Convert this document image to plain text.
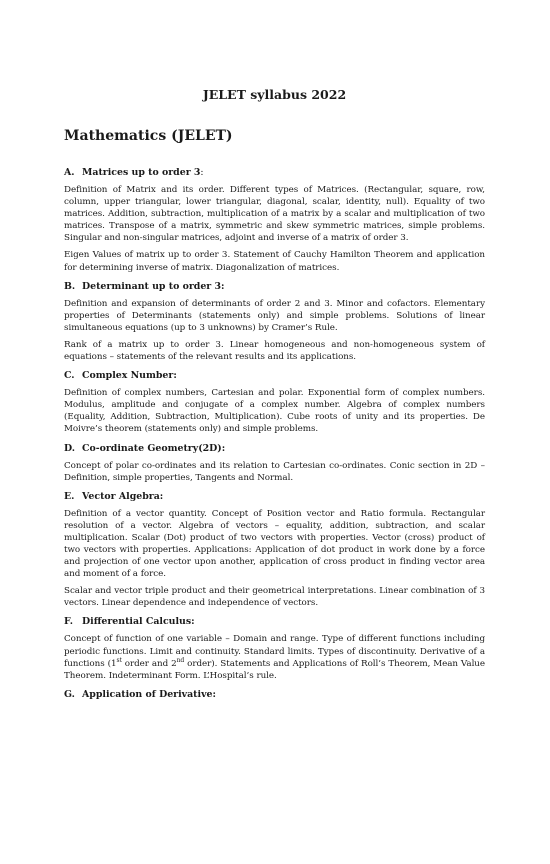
JELET syllabus 2022
Mathematics (JELET)
A. Matrices up to order 3:

Definition of Matrix and its order. Different types of Matrices. (Rectangular, square, row, column, upper triangular, lower triangular, diagonal, scalar, identity, null). Equality of two matrices. Addition, subtraction, multiplication of a matrix by a scalar and multiplication of two matrices. Transpose of a matrix, symmetric and skew symmetric matrices, simple problems. Singular and non-singular matrices, adjoint and inverse of a matrix of order 3.

Eigen Values of matrix up to order 3. Statement of Cauchy Hamilton Theorem and application for determining inverse of matrix. Diagonalization of matrices.

B. Determinant up to order 3:

Definition and expansion of determinants of order 2 and 3. Minor and cofactors. Elementary properties of Determinants (statements only) and simple problems. Solutions of linear simultaneous equations (up to 3 unknowns) by Cramer’s Rule.

Rank of a matrix up to order 3. Linear homogeneous and non-homogeneous system of equations – statements of the relevant results and its applications.

C. Complex Number:

Definition of complex numbers, Cartesian and polar. Exponential form of complex numbers. Modulus, amplitude and conjugate of a complex number. Algebra of complex numbers (Equality, Addition, Subtraction, Multiplication). Cube roots of unity and its properties. De Moivre’s theorem (statements only) and simple problems.

D. Co-ordinate Geometry(2D):

Concept of polar co-ordinates and its relation to Cartesian co-ordinates. Conic section in 2D – Definition, simple properties, Tangents and Normal.

E. Vector Algebra:

Definition of a vector quantity. Concept of Position vector and Ratio formula. Rectangular resolution of a vector. Algebra of vectors – equality, addition, subtraction, and scalar multiplication. Scalar (Dot) product of two vectors with properties. Vector (cross) product of two vectors with properties. Applications: Application of dot product in work done by a force and projection of one vector upon another, application of cross product in finding vector area and moment of a force.

Scalar and vector triple product and their geometrical interpretations. Linear combination of 3 vectors. Linear dependence and independence of vectors.

F. Differential Calculus:

Concept of function of one variable – Domain and range. Type of different functions including periodic functions. Limit and continuity. Standard limits. Types of discontinuity. Derivative of a functions (1st order and 2nd order). Statements and Applications of Roll’s Theorem, Mean Value Theorem. Indeterminant Form. L’Hospital’s rule.

G. Application of Derivative:
